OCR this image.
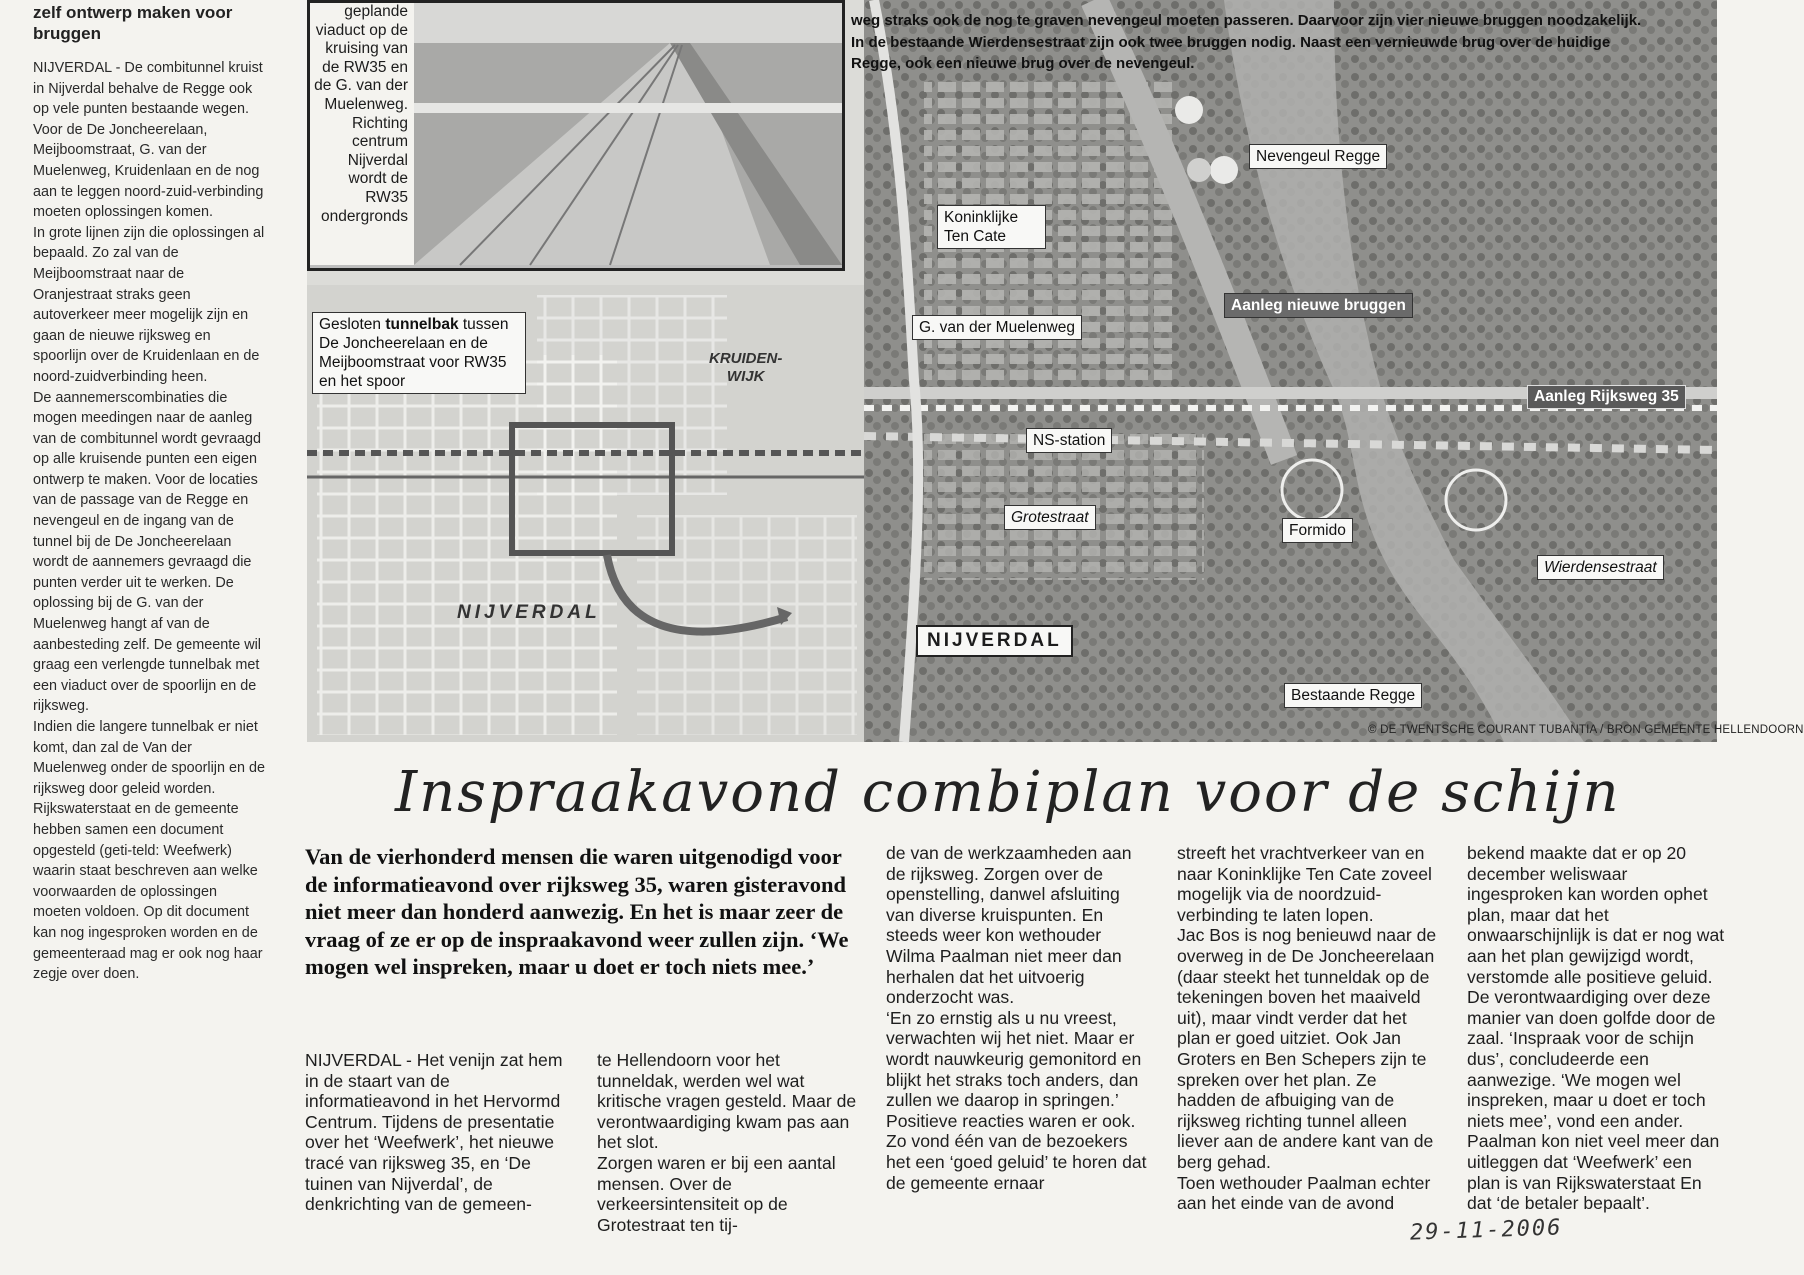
zelf ontwerp maken voor bruggen

NIJVERDAL - De combitunnel kruist in Nijverdal behalve de Regge ook op vele punten bestaande wegen. Voor de De Joncheerelaan, Meijboomstraat, G. van der Muelenweg, Kruidenlaan en de nog aan te leggen noord-zuid-verbinding moeten oplossingen komen.

In grote lijnen zijn die oplossingen al bepaald. Zo zal van de Meijboomstraat naar de Oranjestraat straks geen autoverkeer meer mogelijk zijn en gaan de nieuwe rijksweg en spoorlijn over de Kruidenlaan en de noord-zuidverbinding heen.

De aannemerscombinaties die mogen meedingen naar de aanleg van de combitunnel wordt gevraagd op alle kruisende punten een eigen ontwerp te maken. Voor de locaties van de passage van de Regge en nevengeul en de ingang van de tunnel bij de De Joncheerelaan wordt de aannemers gevraagd die punten verder uit te werken. De oplossing bij de G. van der Muelenweg hangt af van de aanbesteding zelf. De gemeente wil graag een verlengde tunnelbak met een viaduct over de spoorlijn en de rijksweg.

Indien die langere tunnelbak er niet komt, dan zal de Van der Muelenweg onder de spoorlijn en de rijksweg door geleid worden.

Rijkswaterstaat en de gemeente hebben samen een document opgesteld (geti-teld: Weefwerk) waarin staat beschreven aan welke voorwaarden de oplossingen moeten voldoen. Op dit document kan nog ingesproken worden en de gemeenteraad mag er ook nog haar zegje over doen.

geplande viaduct op de kruising van de RW35 en de G. van der Muelenweg. Richting centrum Nijverdal wordt de RW35 ondergronds
Gesloten tunnelbak tussen De Joncheerelaan en de Meijboomstraat voor RW35 en het spoor
KRUIDEN-
WIJK
NIJVERDAL
Nevengeul Regge
Koninklijke Ten Cate
Aanleg nieuwe bruggen
G. van der Muelenweg
Aanleg Rijksweg 35
NS-station
Grotestraat
Formido
Wierdensestraat
NIJVERDAL
Bestaande Regge
© DE TWENTSCHE COURANT TUBANTIA / BRON GEMEENTE HELLENDOORN
weg straks ook de nog te graven nevengeul moeten passeren. Daarvoor zijn vier nieuwe bruggen noodzakelijk. In de bestaande Wierdensestraat zijn ook twee bruggen nodig. Naast een vernieuwde brug over de huidige Regge, ook een nieuwe brug over de nevengeul.
Inspraakavond combiplan voor de schijn
Van de vierhonderd mensen die waren uitgenodigd voor de informatieavond over rijksweg 35, waren gisteravond niet meer dan honderd aanwezig. En het is maar zeer de vraag of ze er op de inspraakavond weer zullen zijn. ‘We mogen wel inspreken, maar u doet er toch niets mee.’
NIJVERDAL - Het venijn zat hem in de staart van de informatieavond in het Hervormd Centrum. Tijdens de presentatie over het ‘Weefwerk’, het nieuwe tracé van rijksweg 35, en ‘De tuinen van Nijverdal’, de denkrichting van de gemeen-
te Hellendoorn voor het tunneldak, werden wel wat kritische vragen gesteld. Maar de verontwaardiging kwam pas aan het slot.
Zorgen waren er bij een aantal mensen. Over de verkeersintensiteit op de Grotestraat ten tij-
de van de werkzaamheden aan de rijksweg. Zorgen over de openstelling, danwel afsluiting van diverse kruispunten. En steeds weer kon wethouder Wilma Paalman niet meer dan herhalen dat het uitvoerig onderzocht was.
‘En zo ernstig als u nu vreest, verwachten wij het niet. Maar er wordt nauwkeurig gemonitord en blijkt het straks toch anders, dan zullen we daarop in springen.’
Positieve reacties waren er ook. Zo vond één van de bezoekers het een ‘goed geluid’ te horen dat de gemeente ernaar
streeft het vrachtverkeer van en naar Koninklijke Ten Cate zoveel mogelijk via de noordzuid-verbinding te laten lopen.
Jac Bos is nog benieuwd naar de overweg in de De Joncheerelaan (daar steekt het tunneldak op de tekeningen boven het maaiveld uit), maar vindt verder dat het plan er goed uitziet. Ook Jan Groters en Ben Schepers zijn te spreken over het plan. Ze hadden de afbuiging van de rijksweg richting tunnel alleen liever aan de andere kant van de berg gehad.
Toen wethouder Paalman echter aan het einde van de avond
bekend maakte dat er op 20 december weliswaar ingesproken kan worden ophet plan, maar dat het onwaarschijnlijk is dat er nog wat aan het plan gewijzigd wordt, verstomde alle positieve geluid.
De verontwaardiging over deze manier van doen golfde door de zaal. ‘Inspraak voor de schijn dus’, concludeerde een aanwezige. ‘We mogen wel inspreken, maar u doet er toch niets mee’, vond een ander. Paalman kon niet veel meer dan uitleggen dat ‘Weefwerk’ een plan is van Rijkswaterstaat En dat ‘de betaler bepaalt’.
29-11-2006
